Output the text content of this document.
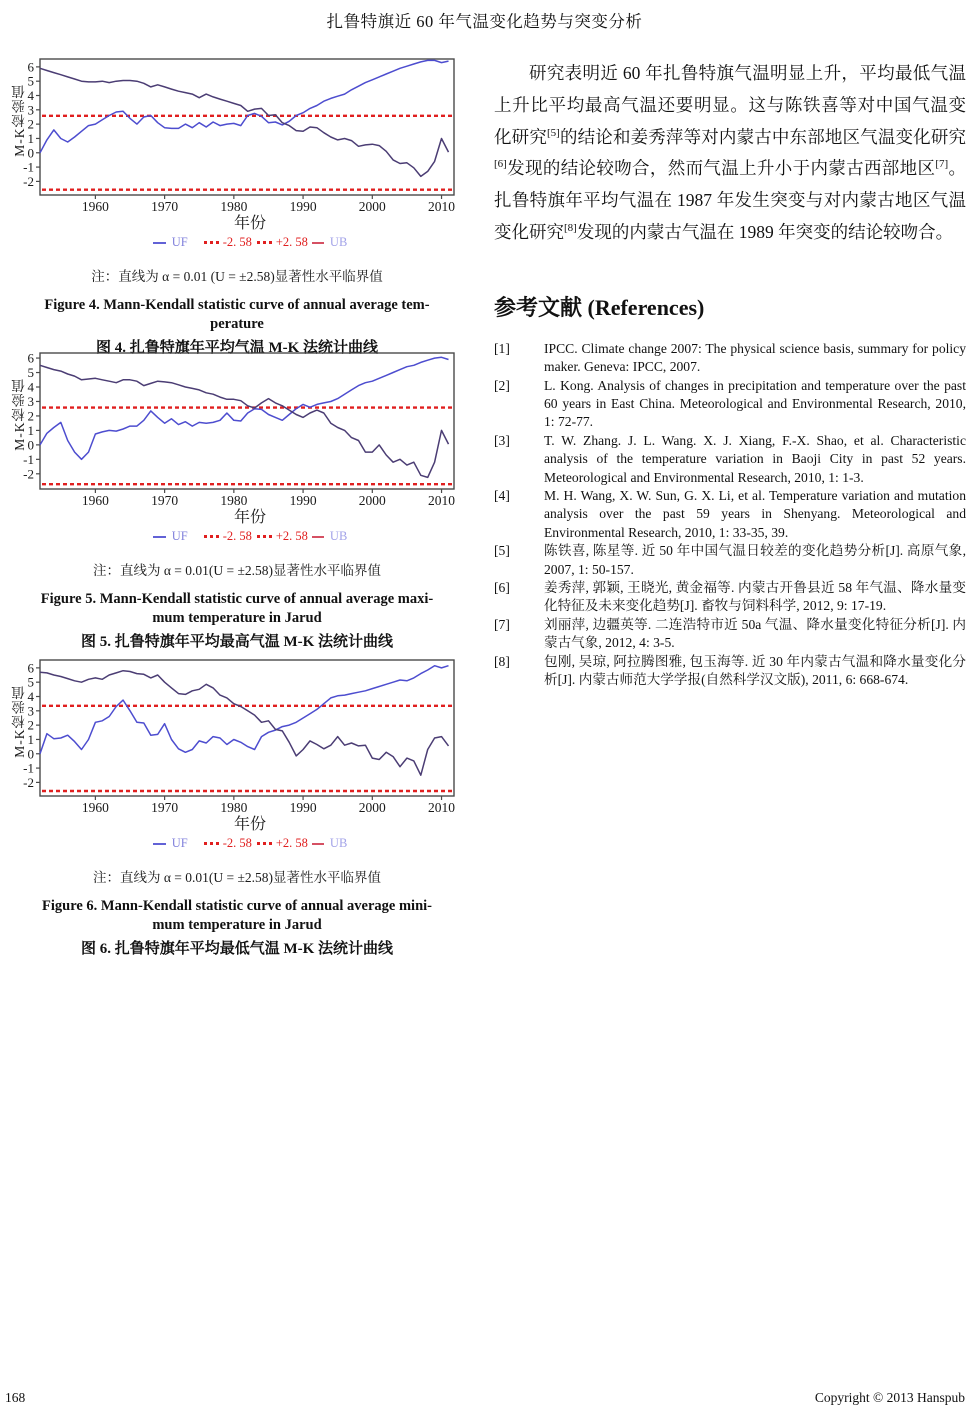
扎鲁特旗近 60 年气温变化趋势与突变分析
M-K检验值
6
5
4
3
2
1
0
-1
-2
1960	1970	1980	1990	2000	2010
年份
UF	-2. 58 +2. 58 UB
注：直线为 α = 0.01 (U = ±2.58)显著性水平临界值
Figure 4. Mann-Kendall statistic curve of annual average tem-
perature
图 4. 扎鲁特旗年平均气温 M-K 法统计曲线
M-K检验值
6
5
4
3
2
1
0
-1
-2
1960	1970	1980	1990	2000	2010
年份
UF	-2. 58 +2. 58 UB
注：直线为 α = 0.01(U = ±2.58)显著性水平临界值
Figure 5. Mann-Kendall statistic curve of annual average maxi-
mum temperature in Jarud
图 5. 扎鲁特旗年平均最高气温 M-K 法统计曲线
M-K检验值
6
5
4
3
2
1
0
-1
-2
1960	1970	1980	1990	2000	2010
年份
UF	-2. 58 +2. 58 UB
注：直线为 α = 0.01(U = ±2.58)显著性水平临界值
Figure 6. Mann-Kendall statistic curve of annual average mini-
mum temperature in Jarud
图 6. 扎鲁特旗年平均最低气温 M-K 法统计曲线

研究表明近 60 年扎鲁特旗气温明显上升，平均最低气温上升比平均最高气温还要明显。这与陈铁喜等对中国气温变化研究[5]的结论和姜秀萍等对内蒙古中东部地区气温变化研究[6]发现的结论较吻合，然而气温上升小于内蒙古西部地区[7]。扎鲁特旗年平均气温在 1987 年发生突变与对内蒙古地区气温变化研究[8]发现的内蒙古气温在 1989 年突变的结论较吻合。

参考文献 (References)
[1]	IPCC. Climate change 2007: The physical science basis, summary for policy maker. Geneva: IPCC, 2007.
[2]	L. Kong. Analysis of changes in precipitation and temperature over the past 60 years in East China. Meteorological and Environmental Research, 2010, 1: 72-77.
[3]	T. W. Zhang. J. L. Wang. X. J. Xiang, F.-X. Shao, et al. Characteristic analysis of the temperature variation in Baoji City in past 52 years. Meteorological and Environmental Research, 2010, 1: 1-3.
[4]	M. H. Wang, X. W. Sun, G. X. Li, et al. Temperature variation and mutation analysis over the past 59 years in Shenyang. Meteorological and Environmental Research, 2010, 1: 33-35, 39.
[5]	陈铁喜, 陈星等. 近 50 年中国气温日较差的变化趋势分析[J]. 高原气象, 2007, 1: 50-157.
[6]	姜秀萍, 郭颖, 王晓光, 黄金福等. 内蒙古开鲁县近 58 年气温、降水量变化特征及未来变化趋势[J]. 畜牧与饲料科学, 2012, 9: 17-19.
[7]	刘丽萍, 边疆英等. 二连浩特市近 50a 气温、降水量变化特征分析[J]. 内蒙古气象, 2012, 4: 3-5.
[8]	包刚, 吴琼, 阿拉腾图雅, 包玉海等. 近 30 年内蒙古气温和降水量变化分析[J]. 内蒙古师范大学学报(自然科学汉文版), 2011, 6: 668-674.
168	Copyright © 2013 Hanspub
